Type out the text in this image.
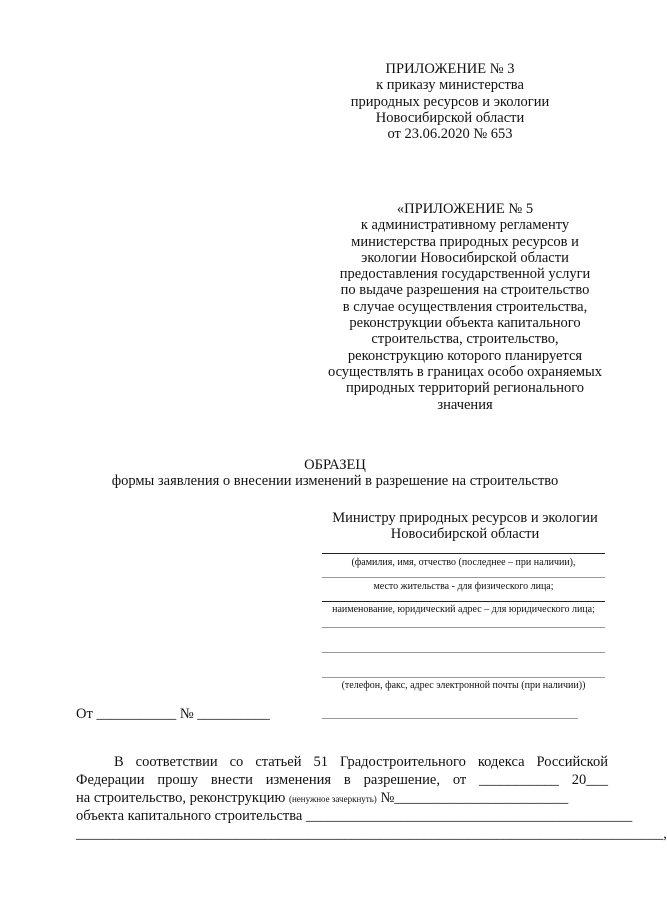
ПРИЛОЖЕНИЕ № 3
к приказу министерства
природных ресурсов и экологии
Новосибирской области
от 23.06.2020 № 653
«ПРИЛОЖЕНИЕ № 5
к административному регламенту
министерства природных ресурсов и
экологии Новосибирской области
предоставления государственной услуги
по выдаче разрешения на строительство
в случае осуществления строительства,
реконструкции объекта капитального
строительства, строительство,
реконструкцию которого планируется
осуществлять в границах особо охраняемых
природных территорий регионального
значения
ОБРАЗЕЦ
формы заявления о внесении изменений в разрешение на строительство
Министру природных ресурсов и экологии
Новосибирской области
(фамилия, имя, отчество (последнее – при наличии),
место жительства - для физического лица;
наименование, юридический адрес – для юридического лица;
(телефон, факс, адрес электронной почты (при наличии))
От ___________ № __________
В соответствии со статьей 51 Градостроительного кодекса Российской
Федерации прошу внести изменения в разрешение, от ___________ 20___
на строительство, реконструкцию (ненужное зачеркнуть) №________________________
объекта капитального строительства _____________________________________________
_________________________________________________________________________________,
